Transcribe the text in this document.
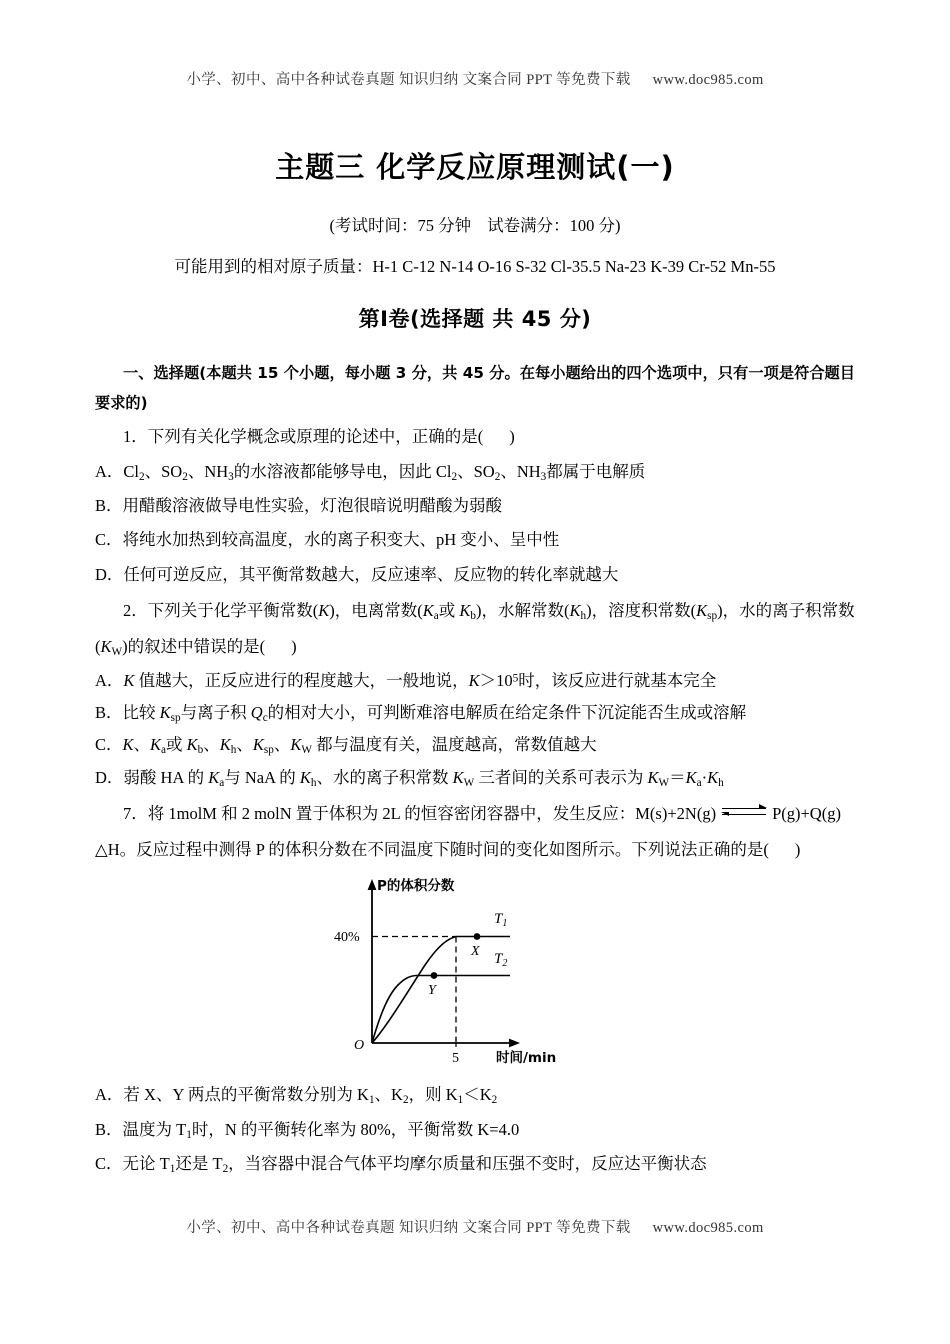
小学、初中、高中各种试卷真题 知识归纳 文案合同 PPT 等免费下载 www.doc985.com
主题三 化学反应原理测试(一)
(考试时间：75 分钟 试卷满分：100 分)
可能用到的相对原子质量：H-1 C-12 N-14 O-16 S-32 Cl-35.5 Na-23 K-39 Cr-52 Mn-55
第Ⅰ卷(选择题 共 45 分)
一、选择题(本题共 15 个小题，每小题 3 分，共 45 分。在每小题给出的四个选项中，只有一项是符合题目要求的)
1．下列有关化学概念或原理的论述中，正确的是( )
A．$Cl_2$、$SO_2$、$NH_3$的水溶液都能够导电，因此 $Cl_2$、$SO_2$、$NH_3$都属于电解质
B．用醋酸溶液做导电性实验，灯泡很暗说明醋酸为弱酸
C．将纯水加热到较高温度，水的离子积变大、pH 变小、呈中性
D．任何可逆反应，其平衡常数越大，反应速率、反应物的转化率就越大
2．下列关于化学平衡常数(K)，电离常数($K_a$或 $K_b$)，水解常数$(K_h)$，溶度积常数$(K_{sp})$，水的离子积常数
$(K_W)$的叙述中错误的是( )
A．K 值越大，正反应进行的程度越大，一般地说，$K>10^5$时，该反应进行就基本完全
B．比较 $K_{sp}$与离子积 $Q_c$的相对大小，可判断难溶电解质在给定条件下沉淀能否生成或溶解
C．K、$K_a$或 $K_b$、$K_h$、$K_{sp}$、$K_W$ 都与温度有关，温度越高，常数值越大
D．弱酸 HA 的 $K_a$与 NaA 的 $K_h$、水的离子积常数 $K_W$ 三者间的关系可表示为 $K_W=K_a\cdot K_h$
7．将 1molM 和 2 molN 置于体积为 2L 的恒容密闭容器中，发生反应：M(s)+2N(g)	P(g)+Q(g)
△H。反应过程中测得 P 的体积分数在不同温度下随时间的变化如图所示。下列说法正确的是( )
P的体积分数
时间/min
O
40%
5
$T_1$
$T_2$
X
Y
A．若 X、Y 两点的平衡常数分别为 $K_1$、$K_2$，则 $K_1<K_2$
B．温度为 $T_1$时，N 的平衡转化率为 80%，平衡常数 K=4.0
C．无论 $T_1$还是 $T_2$，当容器中混合气体平均摩尔质量和压强不变时，反应达平衡状态
小学、初中、高中各种试卷真题 知识归纳 文案合同 PPT 等免费下载 www.doc985.com
